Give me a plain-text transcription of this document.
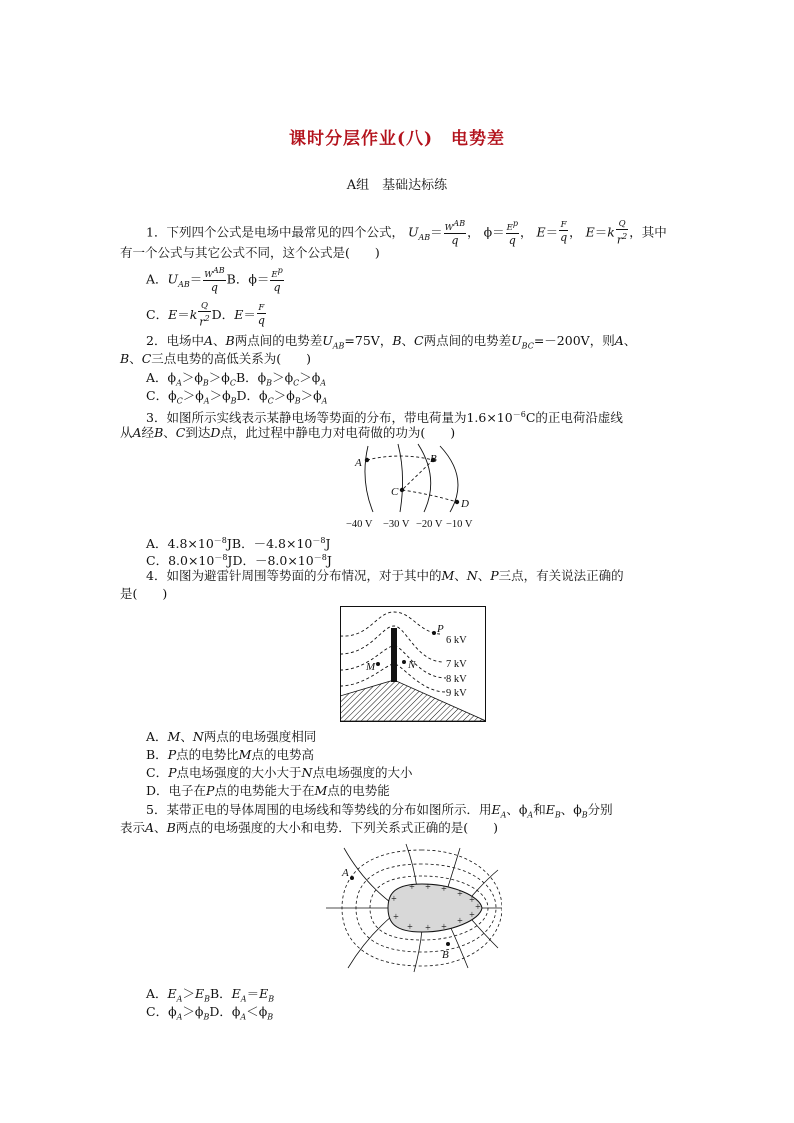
课时分层作业(八)　电势差
A组　基础达标练
1．下列四个公式是电场中最常见的四个公式， $U_{AB}= \frac{W^{AB}}{q}$ ， $\phi= \frac{E^p}{q}$ ， $E= \frac{F}{q}$ ， $E=k \frac{Q}{r^2}$ ，其中
有一个公式与其它公式不同，这个公式是(　　)
A．$U_{AB}= \frac{W^{AB}}{q}$ B．$\phi= \frac{E^p}{q}$
C．$E=k \frac{Q}{r^2}$ D．$E= \frac{F}{q}$
2．电场中A、B两点间的电势差$U_{AB}=75V$，B、C两点间的电势差$U_{BC}=-200V$，则A、
B、C三点电势的高低关系为(　　)
A．$\phi_A>\phi_B>\phi_CB$．$\phi_B>\phi_C>\phi_A$
C．$\phi_C>\phi_A>\phi_BD$．$\phi_C>\phi_B>\phi_A$
3．如图所示实线表示某静电场等势面的分布，带电荷量为$1.6\times 10^{-6}C$的正电荷沿虚线
从A经B、C到达D点，此过程中静电力对电荷做的功为(　　)
A	B
C
D
−40 V −30 V −20 V −10 V
A．$4.8\times 10^{-8}JB$．$-4.8\times 10^{-8}J$
C．$8.0\times 10^{-8}JD$．$-8.0\times 10^{-8}J$
4．如图为避雷针周围等势面的分布情况，对于其中的M、N、P三点，有关说法正确的
是(　　)
P
M	N
6 kV
7 kV
8 kV
9 kV
A．M、N两点的电场强度相同
B．P点的电势比M点的电势高
C．P点电场强度的大小大于N点电场强度的大小
D．电子在P点的电势能大于在M点的电势能
5．某带正电的导体周围的电场线和等势线的分布如图所示．用$E_A$、$\phi_A$和$E_B$、$\phi_B$分别
表示A、B两点的电场强度的大小和电势．下列关系式正确的是(　　)
+ + + +
+
+
+
+
+
+
+
+
+
A
B
A．$E_A>E_BB$．$E_A=E_B$
C．$\phi_A>\phi_BD$．$\phi_A<\phi_B$
